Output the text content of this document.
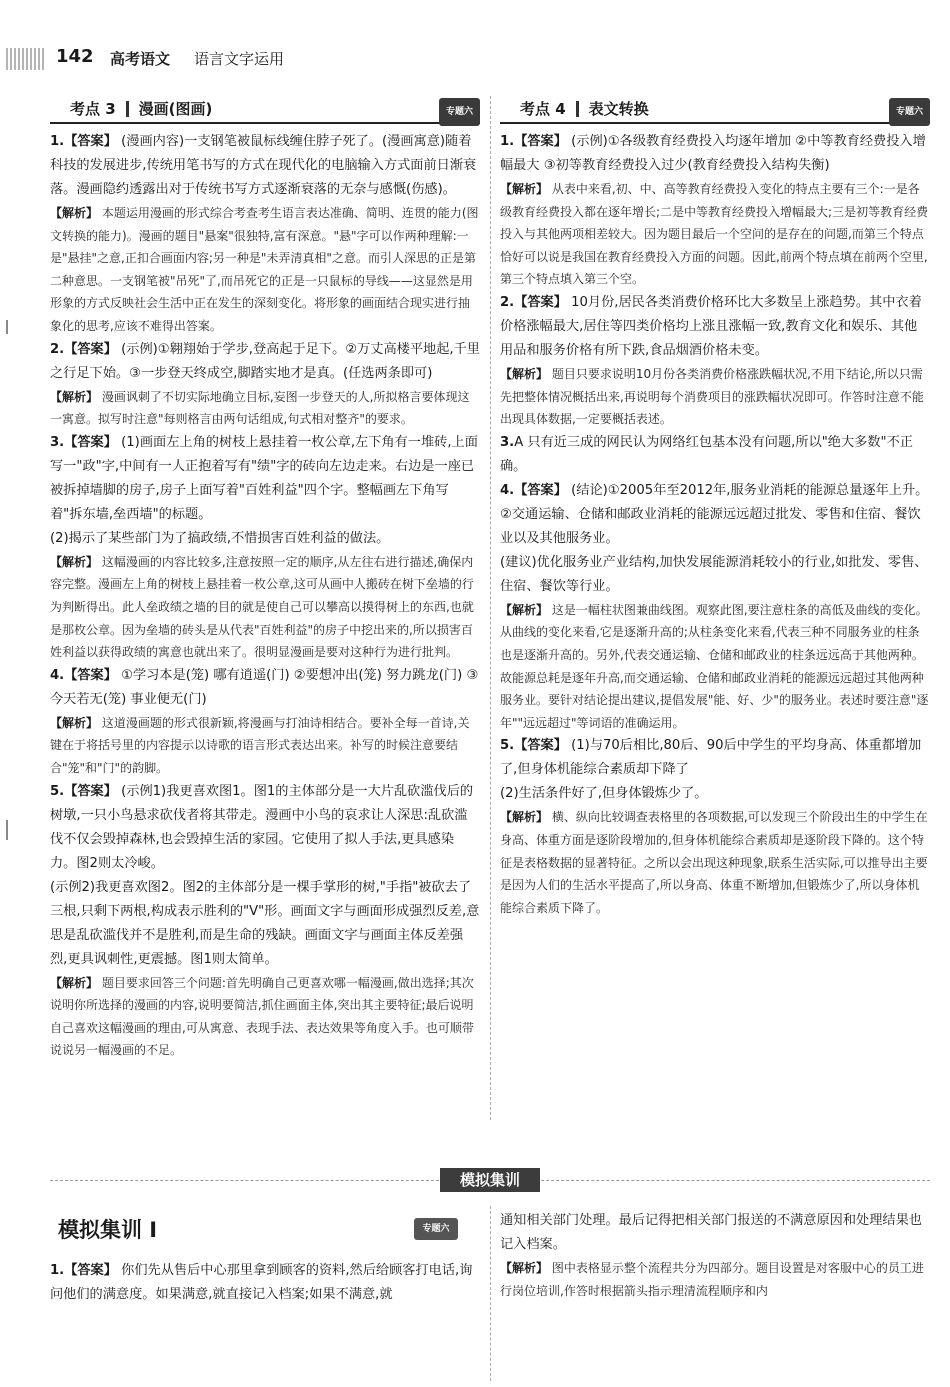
142 高考语文 语言文字运用
考点 3 漫画(图画)	专题六

1.【答案】 (漫画内容)一支钢笔被鼠标线缠住脖子死了。(漫画寓意)随着科技的发展进步,传统用笔书写的方式在现代化的电脑输入方式面前日渐衰落。漫画隐约透露出对于传统书写方式逐渐衰落的无奈与感慨(伤感)。

【解析】 本题运用漫画的形式综合考查考生语言表达准确、简明、连贯的能力(图文转换的能力)。漫画的题目"悬案"很独特,富有深意。"悬"字可以作两种理解:一是"悬挂"之意,正扣合画面内容;另一种是"未弄清真相"之意。而引人深思的正是第二种意思。一支钢笔被"吊死"了,而吊死它的正是一只鼠标的导线——这显然是用形象的方式反映社会生活中正在发生的深刻变化。将形象的画面结合现实进行抽象化的思考,应该不难得出答案。

2.【答案】 (示例)①翱翔始于学步,登高起于足下。②万丈高楼平地起,千里之行足下始。③一步登天终成空,脚踏实地才是真。(任选两条即可)

【解析】 漫画讽刺了不切实际地确立目标,妄图一步登天的人,所拟格言要体现这一寓意。拟写时注意"每则格言由两句话组成,句式相对整齐"的要求。

3.【答案】 (1)画面左上角的树枝上悬挂着一枚公章,左下角有一堆砖,上面写一"政"字,中间有一人正抱着写有"绩"字的砖向左边走来。右边是一座已被拆掉墙脚的房子,房子上面写着"百姓利益"四个字。整幅画左下角写着"拆东墙,垒西墙"的标题。

(2)揭示了某些部门为了搞政绩,不惜损害百姓利益的做法。

【解析】 这幅漫画的内容比较多,注意按照一定的顺序,从左往右进行描述,确保内容完整。漫画左上角的树枝上悬挂着一枚公章,这可从画中人搬砖在树下垒墙的行为判断得出。此人垒政绩之墙的目的就是使自己可以攀高以摸得树上的东西,也就是那枚公章。因为垒墙的砖头是从代表"百姓利益"的房子中挖出来的,所以损害百姓利益以获得政绩的寓意也就出来了。很明显漫画是要对这种行为进行批判。

4.【答案】 ①学习本是(笼) 哪有逍遥(门) ②要想冲出(笼) 努力跳龙(门) ③今天若无(笼) 事业便无(门)

【解析】 这道漫画题的形式很新颖,将漫画与打油诗相结合。要补全每一首诗,关键在于将括号里的内容提示以诗歌的语言形式表达出来。补写的时候注意要结合"笼"和"门"的韵脚。

5.【答案】 (示例1)我更喜欢图1。图1的主体部分是一大片乱砍滥伐后的树墩,一只小鸟悬求砍伐者将其带走。漫画中小鸟的哀求让人深思:乱砍滥伐不仅会毁掉森林,也会毁掉生活的家园。它使用了拟人手法,更具感染力。图2则太冷峻。

(示例2)我更喜欢图2。图2的主体部分是一棵手掌形的树,"手指"被砍去了三根,只剩下两根,构成表示胜利的"V"形。画面文字与画面形成强烈反差,意思是乱砍滥伐并不是胜利,而是生命的残缺。画面文字与画面主体反差强烈,更具讽刺性,更震撼。图1则太简单。

【解析】 题目要求回答三个问题:首先明确自己更喜欢哪一幅漫画,做出选择;其次说明你所选择的漫画的内容,说明要简洁,抓住画面主体,突出其主要特征;最后说明自己喜欢这幅漫画的理由,可从寓意、表现手法、表达效果等角度入手。也可顺带说说另一幅漫画的不足。

考点 4 表文转换	专题六

1.【答案】 (示例)①各级教育经费投入均逐年增加 ②中等教育经费投入增幅最大 ③初等教育经费投入过少(教育经费投入结构失衡)

【解析】 从表中来看,初、中、高等教育经费投入变化的特点主要有三个:一是各级教育经费投入都在逐年增长;二是中等教育经费投入增幅最大;三是初等教育经费投入与其他两项相差较大。因为题目最后一个空问的是存在的问题,而第三个特点恰好可以说是我国在教育经费投入方面的问题。因此,前两个特点填在前两个空里,第三个特点填入第三个空。

2.【答案】 10月份,居民各类消费价格环比大多数呈上涨趋势。其中衣着价格涨幅最大,居住等四类价格均上涨且涨幅一致,教育文化和娱乐、其他用品和服务价格有所下跌,食品烟酒价格未变。

【解析】 题目只要求说明10月份各类消费价格涨跌幅状况,不用下结论,所以只需先把整体情况概括出来,再说明每个消费项目的涨跌幅状况即可。作答时注意不能出现具体数据,一定要概括表述。

3.A 只有近三成的网民认为网络红包基本没有问题,所以"绝大多数"不正确。

4.【答案】 (结论)①2005年至2012年,服务业消耗的能源总量逐年上升。②交通运输、仓储和邮政业消耗的能源远远超过批发、零售和住宿、餐饮业以及其他服务业。

(建议)优化服务业产业结构,加快发展能源消耗较小的行业,如批发、零售、住宿、餐饮等行业。

【解析】 这是一幅柱状图兼曲线图。观察此图,要注意柱条的高低及曲线的变化。从曲线的变化来看,它是逐渐升高的;从柱条变化来看,代表三种不同服务业的柱条也是逐渐升高的。另外,代表交通运输、仓储和邮政业的柱条远远高于其他两种。故能源总耗是逐年升高,而交通运输、仓储和邮政业消耗的能源远远超过其他两种服务业。要针对结论提出建议,提倡发展"能、好、少"的服务业。表述时要注意"逐年""远远超过"等词语的准确运用。

5.【答案】 (1)与70后相比,80后、90后中学生的平均身高、体重都增加了,但身体机能综合素质却下降了

(2)生活条件好了,但身体锻炼少了。

【解析】 横、纵向比较调查表格里的各项数据,可以发现三个阶段出生的中学生在身高、体重方面是逐阶段增加的,但身体机能综合素质却是逐阶段下降的。这个特征是表格数据的显著特征。之所以会出现这种现象,联系生活实际,可以推导出主要是因为人们的生活水平提高了,所以身高、体重不断增加,但锻炼少了,所以身体机能综合素质下降了。

模拟集训
模拟集训 I	专题六

1.【答案】 你们先从售后中心那里拿到顾客的资料,然后给顾客打电话,询问他们的满意度。如果满意,就直接记入档案;如果不满意,就

通知相关部门处理。最后记得把相关部门报送的不满意原因和处理结果也记入档案。

【解析】 图中表格显示整个流程共分为四部分。题目设置是对客服中心的员工进行岗位培训,作答时根据箭头指示理清流程顺序和内
